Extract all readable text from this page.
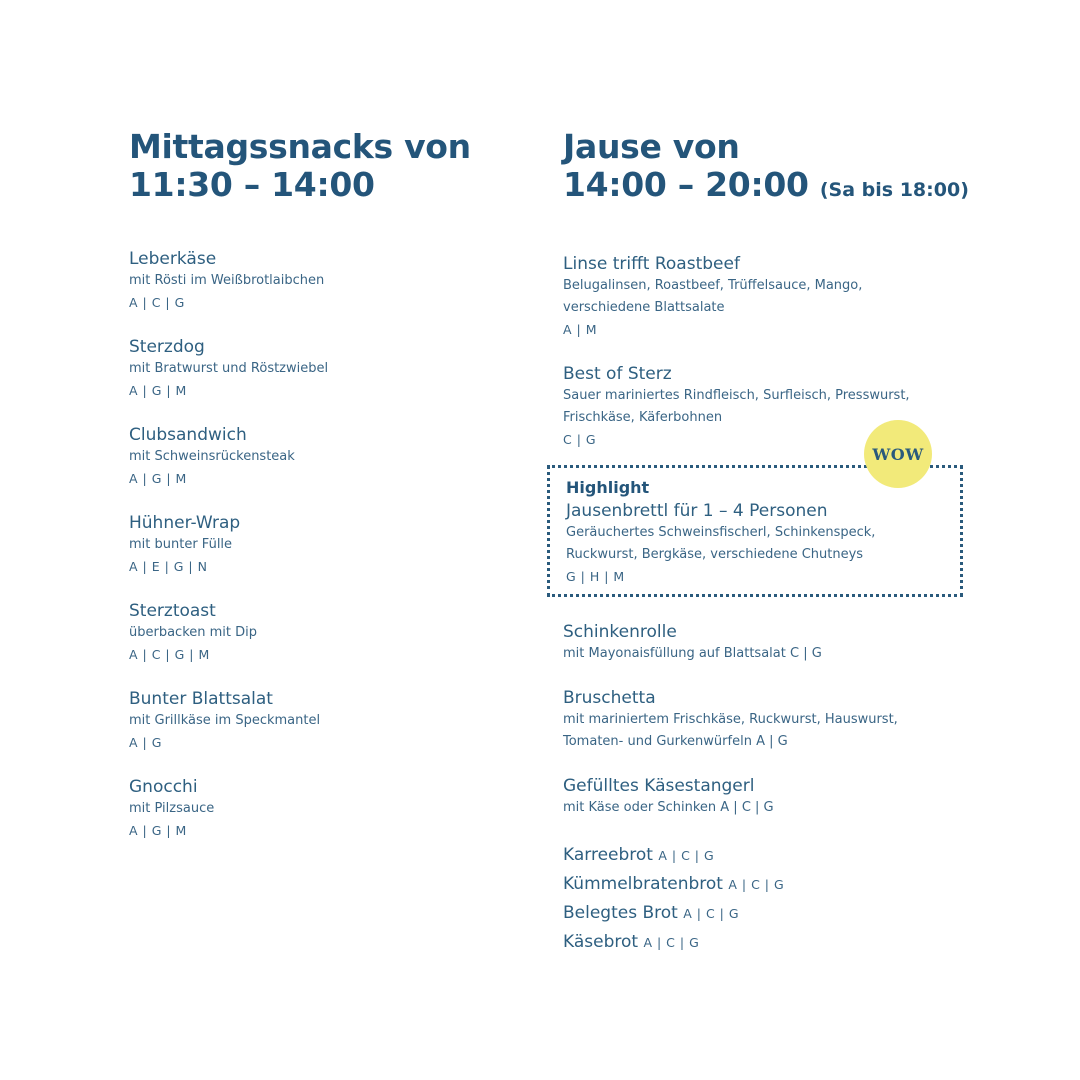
Mittagssnacks von
11:30 – 14:00
Leberkäse
mit Rösti im Weißbrotlaibchen
A | C | G
Sterzdog
mit Bratwurst und Röstzwiebel
A | G | M
Clubsandwich
mit Schweinsrückensteak
A | G | M
Hühner-Wrap
mit bunter Fülle
A | E | G | N
Sterztoast
überbacken mit Dip
A | C | G | M
Bunter Blattsalat
mit Grillkäse im Speckmantel
A | G
Gnocchi
mit Pilzsauce
A | G | M
Jause von
14:00 – 20:00 (Sa bis 18:00)
Linse trifft Roastbeef
Belugalinsen, Roastbeef, Trüffelsauce, Mango,
verschiedene Blattsalate
A | M
Best of Sterz
Sauer mariniertes Rindfleisch, Surfleisch, Presswurst,
Frischkäse, Käferbohnen
C | G
WOW
Highlight
Jausenbrettl für 1 – 4 Personen
Geräuchertes Schweinsfischerl, Schinkenspeck,
Ruckwurst, Bergkäse, verschiedene Chutneys
G | H | M
Schinkenrolle
mit Mayonaisfüllung auf Blattsalat C | G
Bruschetta
mit mariniertem Frischkäse, Ruckwurst, Hauswurst,
Tomaten- und Gurkenwürfeln A | G
Gefülltes Käsestangerl
mit Käse oder Schinken A | C | G
Karreebrot A | C | G
Kümmelbratenbrot A | C | G
Belegtes Brot A | C | G
Käsebrot A | C | G
